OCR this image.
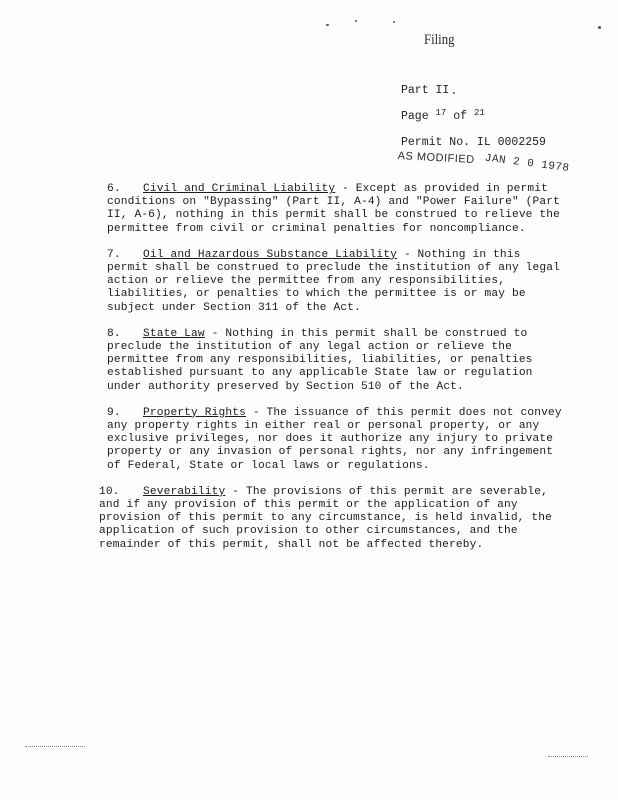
Filing
Part II
Page $^{17}$ of $^{21}$
Permit No. IL 0002259
AS MODIFIED JAN 2 0 1978

6. Civil and Criminal Liability - Except as provided in permit conditions on "Bypassing" (Part II, A-4) and "Power Failure" (Part II, A-6), nothing in this permit shall be construed to relieve the permittee from civil or criminal penalties for noncompliance.

7. Oil and Hazardous Substance Liability - Nothing in this permit shall be construed to preclude the institution of any legal action or relieve the permittee from any responsibilities, liabilities, or penalties to which the permittee is or may be subject under Section 311 of the Act.

8. State Law - Nothing in this permit shall be construed to preclude the institution of any legal action or relieve the permittee from any responsibilities, liabilities, or penalties established pursuant to any applicable State law or regulation under authority preserved by Section 510 of the Act.

9. Property Rights - The issuance of this permit does not convey any property rights in either real or personal property, or any exclusive privileges, nor does it authorize any injury to private property or any invasion of personal rights, nor any infringement of Federal, State or local laws or regulations.

10. Severability - The provisions of this permit are severable, and if any provision of this permit or the application of any provision of this permit to any circumstance, is held invalid, the application of such provision to other circumstances, and the remainder of this permit, shall not be affected thereby.
